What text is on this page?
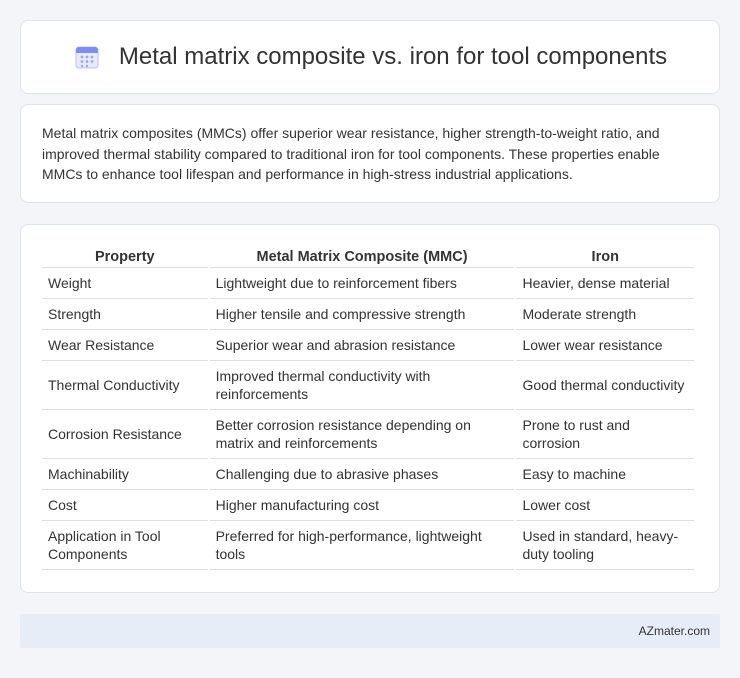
Metal matrix composite vs. iron for tool components

Metal matrix composites (MMCs) offer superior wear resistance, higher strength-to-weight ratio, and improved thermal stability compared to traditional iron for tool components. These properties enable MMCs to enhance tool lifespan and performance in high-stress industrial applications.

Property	Metal Matrix Composite (MMC)	Iron
Weight	Lightweight due to reinforcement fibers	Heavier, dense material
Strength	Higher tensile and compressive strength	Moderate strength
Wear Resistance	Superior wear and abrasion resistance	Lower wear resistance
Thermal Conductivity	Improved thermal conductivity with reinforcements	Good thermal conductivity
Corrosion Resistance	Better corrosion resistance depending on matrix and reinforcements	Prone to rust and corrosion
Machinability	Challenging due to abrasive phases	Easy to machine
Cost	Higher manufacturing cost	Lower cost
Application in Tool Components	Preferred for high-performance, lightweight tools	Used in standard, heavy-duty tooling
AZmater.com
